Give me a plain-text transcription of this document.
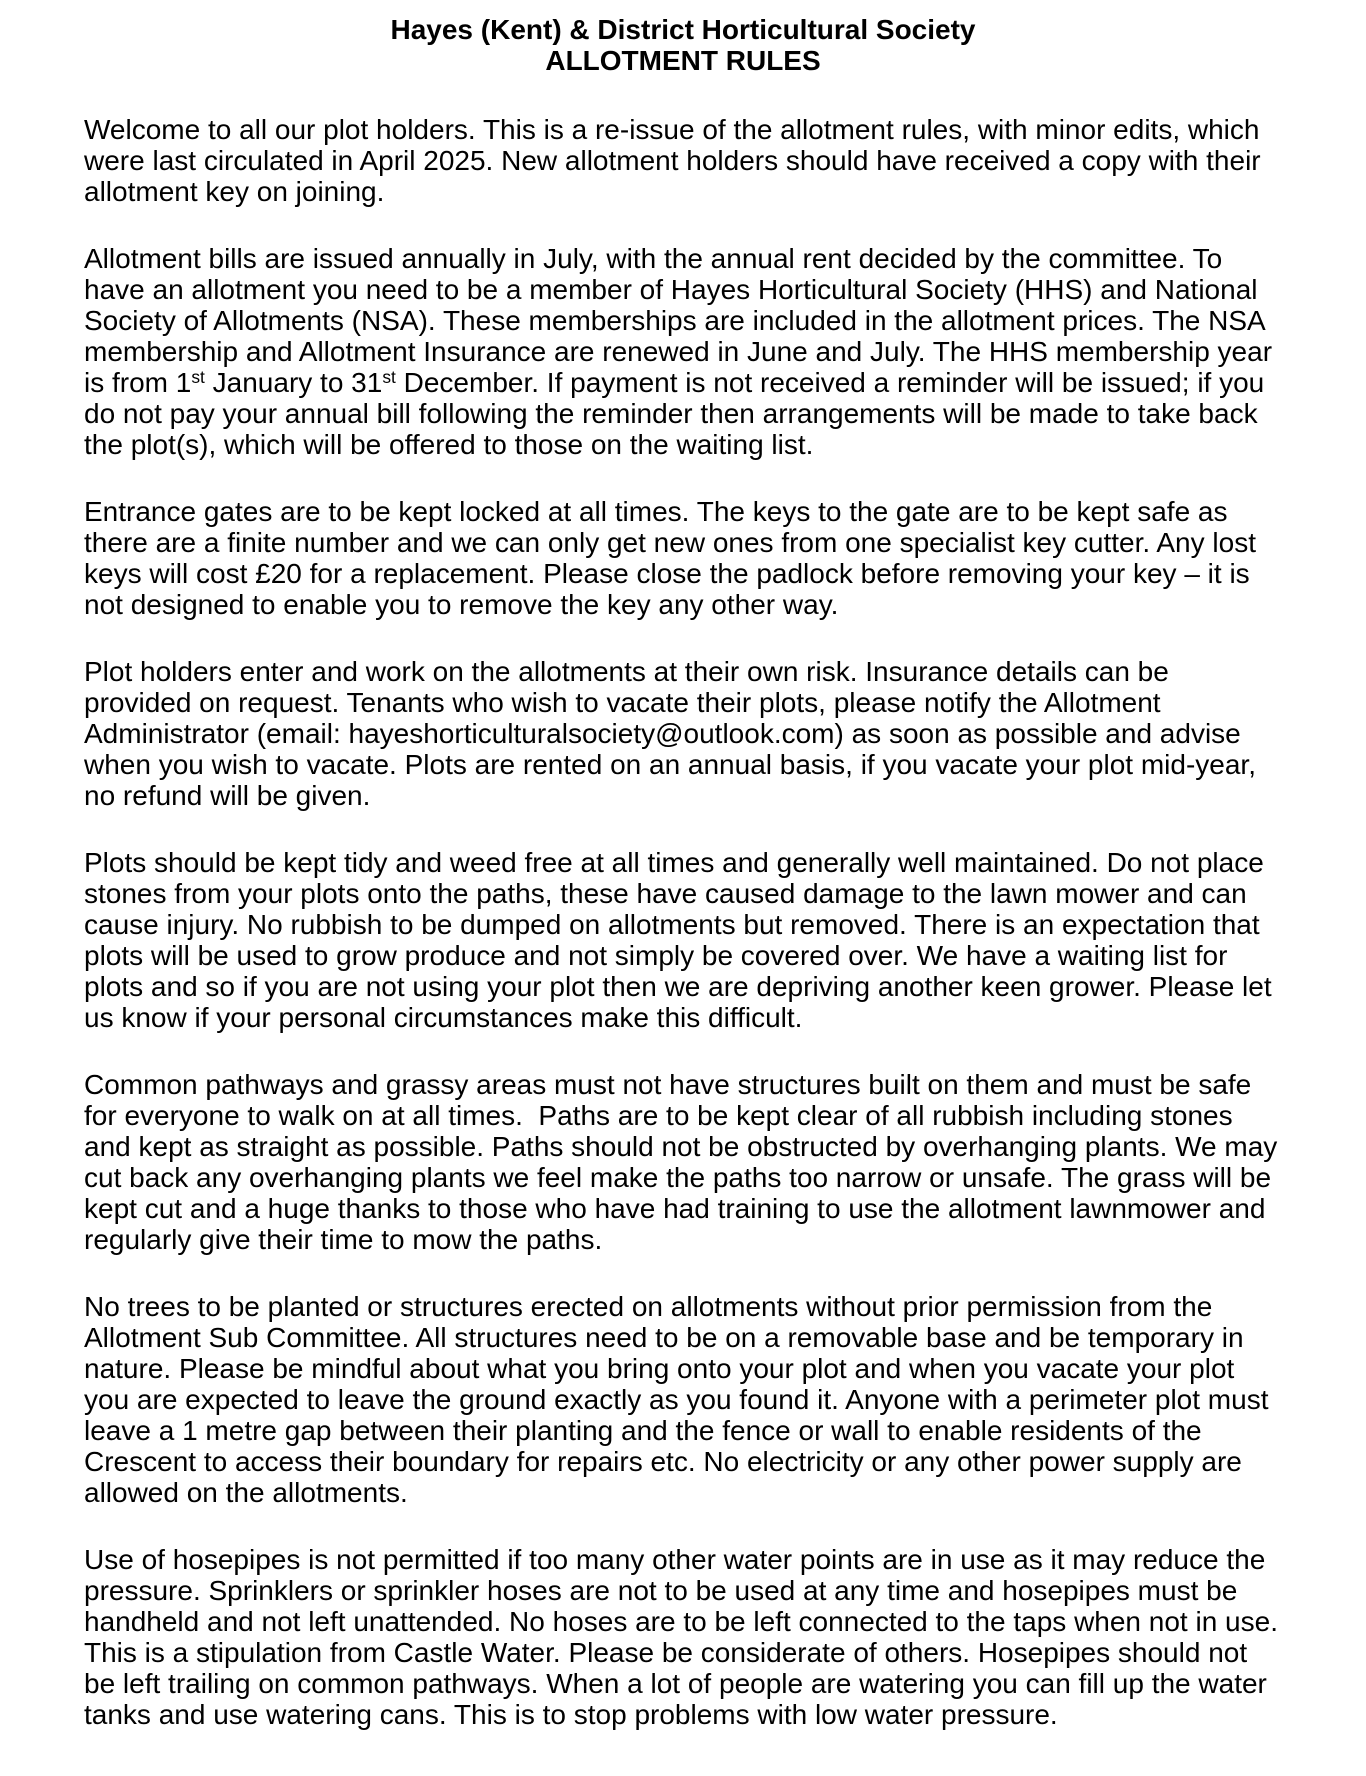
Hayes (Kent) & District Horticultural Society
ALLOTMENT RULES

Welcome to all our plot holders. This is a re-issue of the allotment rules, with minor edits, which were last circulated in April 2025. New allotment holders should have received a copy with their allotment key on joining.

Allotment bills are issued annually in July, with the annual rent decided by the committee. To have an allotment you need to be a member of Hayes Horticultural Society (HHS) and National Society of Allotments (NSA). These memberships are included in the allotment prices. The NSA membership and Allotment Insurance are renewed in June and July. The HHS membership year is from 1st January to 31st December. If payment is not received a reminder will be issued; if you do not pay your annual bill following the reminder then arrangements will be made to take back the plot(s), which will be offered to those on the waiting list.

Entrance gates are to be kept locked at all times. The keys to the gate are to be kept safe as there are a finite number and we can only get new ones from one specialist key cutter. Any lost keys will cost £20 for a replacement. Please close the padlock before removing your key – it is not designed to enable you to remove the key any other way.

Plot holders enter and work on the allotments at their own risk. Insurance details can be provided on request. Tenants who wish to vacate their plots, please notify the Allotment Administrator (email: hayeshorticulturalsociety@outlook.com) as soon as possible and advise when you wish to vacate. Plots are rented on an annual basis, if you vacate your plot mid-year, no refund will be given.

Plots should be kept tidy and weed free at all times and generally well maintained. Do not place stones from your plots onto the paths, these have caused damage to the lawn mower and can cause injury. No rubbish to be dumped on allotments but removed. There is an expectation that plots will be used to grow produce and not simply be covered over. We have a waiting list for plots and so if you are not using your plot then we are depriving another keen grower. Please let us know if your personal circumstances make this difficult.

Common pathways and grassy areas must not have structures built on them and must be safe for everyone to walk on at all times.  Paths are to be kept clear of all rubbish including stones and kept as straight as possible. Paths should not be obstructed by overhanging plants. We may cut back any overhanging plants we feel make the paths too narrow or unsafe. The grass will be kept cut and a huge thanks to those who have had training to use the allotment lawnmower and regularly give their time to mow the paths.

No trees to be planted or structures erected on allotments without prior permission from the Allotment Sub Committee. All structures need to be on a removable base and be temporary in nature. Please be mindful about what you bring onto your plot and when you vacate your plot you are expected to leave the ground exactly as you found it. Anyone with a perimeter plot must leave a 1 metre gap between their planting and the fence or wall to enable residents of the Crescent to access their boundary for repairs etc. No electricity or any other power supply are allowed on the allotments.

Use of hosepipes is not permitted if too many other water points are in use as it may reduce the pressure. Sprinklers or sprinkler hoses are not to be used at any time and hosepipes must be handheld and not left unattended. No hoses are to be left connected to the taps when not in use. This is a stipulation from Castle Water. Please be considerate of others. Hosepipes should not be left trailing on common pathways. When a lot of people are watering you can fill up the water tanks and use watering cans. This is to stop problems with low water pressure.
